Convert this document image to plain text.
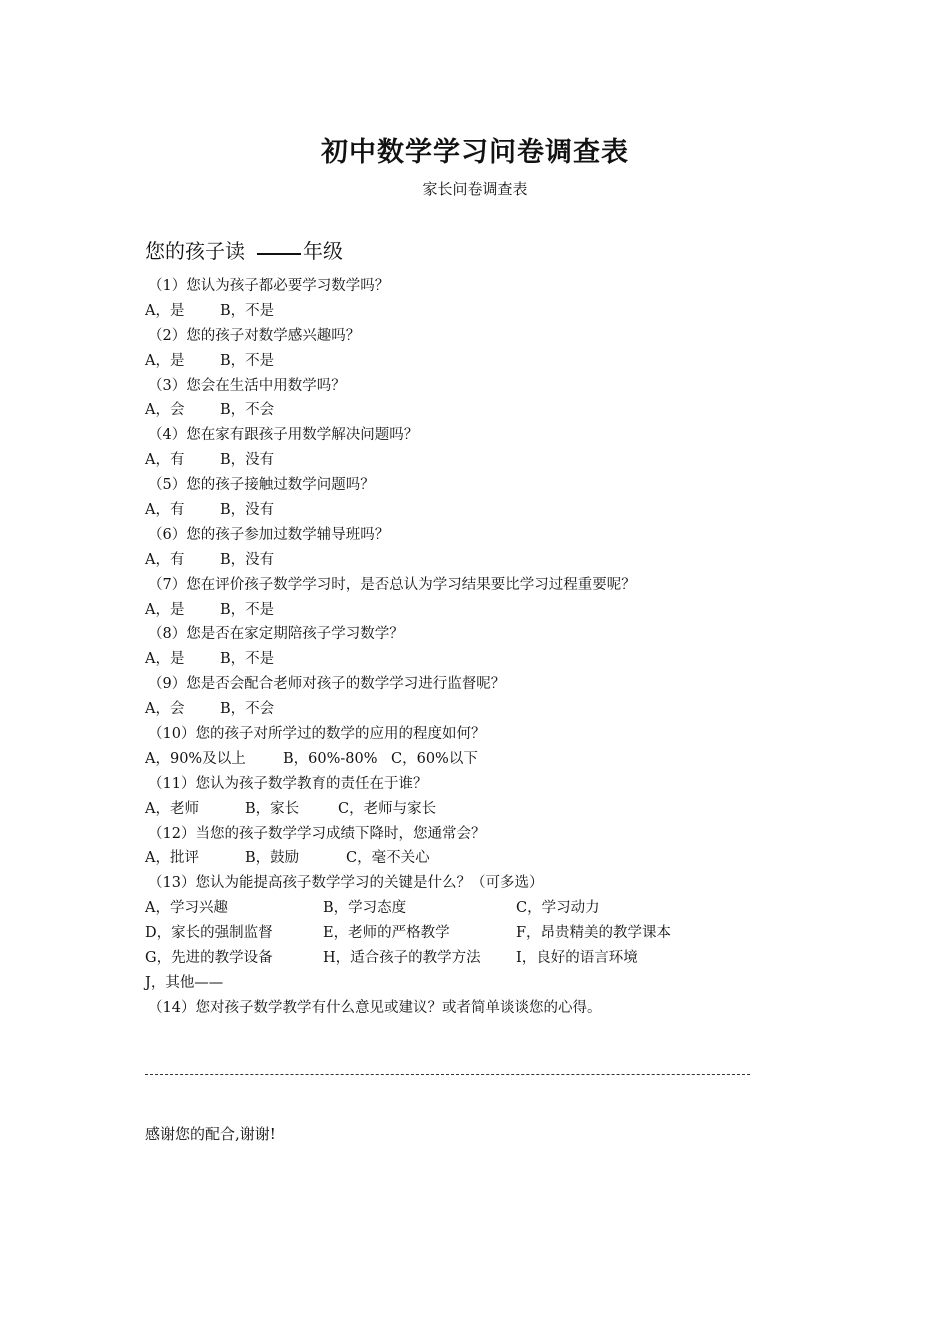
初中数学学习问卷调查表
家长问卷调查表
您的孩子读	年级
（1）您认为孩子都必要学习数学吗？
A，是	B，不是
（2）您的孩子对数学感兴趣吗？
A，是	B，不是
（3）您会在生活中用数学吗？
A，会	B，不会
（4）您在家有跟孩子用数学解决问题吗？
A，有	B，没有
（5）您的孩子接触过数学问题吗？
A，有	B，没有
（6）您的孩子参加过数学辅导班吗？
A，有	B，没有
（7）您在评价孩子数学学习时，是否总认为学习结果要比学习过程重要呢？
A，是	B，不是
（8）您是否在家定期陪孩子学习数学？
A，是	B，不是
（9）您是否会配合老师对孩子的数学学习进行监督呢？
A，会	B，不会
（10）您的孩子对所学过的数学的应用的程度如何？
A，90%及以上	B，60%-80% C，60%以下
（11）您认为孩子数学教育的责任在于谁？
A，老师	B，家长	C，老师与家长
（12）当您的孩子数学学习成绩下降时，您通常会？
A，批评	B，鼓励	C，毫不关心
（13）您认为能提高孩子数学学习的关键是什么？（可多选）
A，学习兴趣	B，学习态度	C，学习动力
D，家长的强制监督	E，老师的严格教学	F，昂贵精美的教学课本
G，先进的教学设备	H，适合孩子的教学方法	I，良好的语言环境
J，其他——
（14）您对孩子数学教学有什么意见或建议？或者简单谈谈您的心得。
感谢您的配合,谢谢!
